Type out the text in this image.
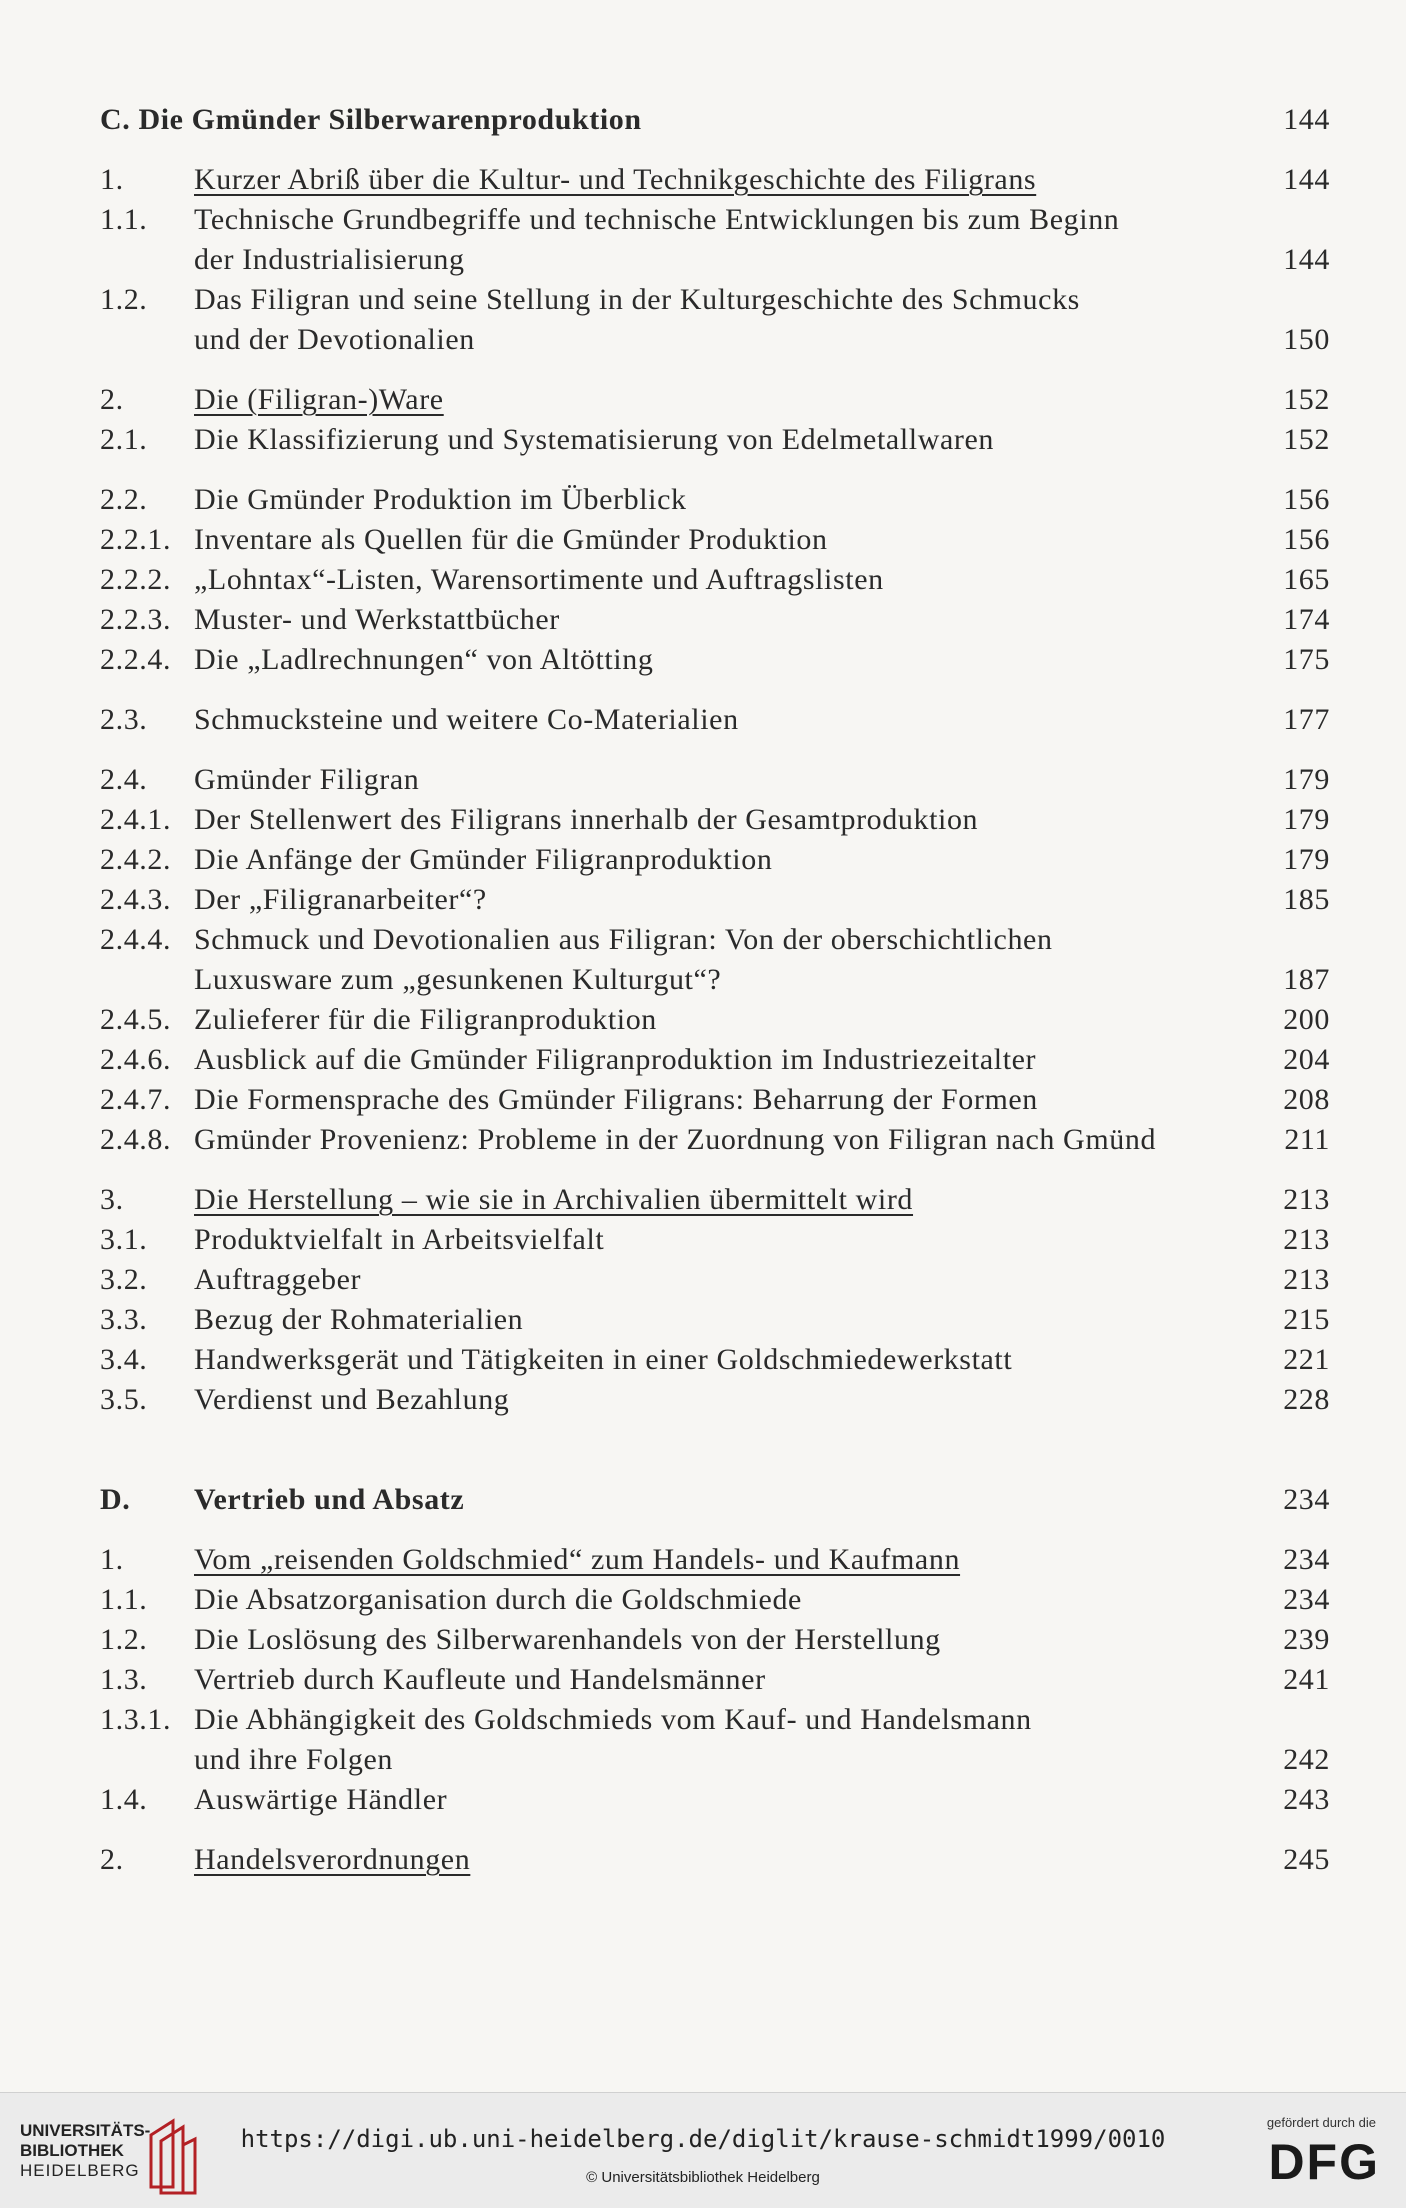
C. Die Gmünder Silberwarenproduktion	144
1. Kurzer Abriß über die Kultur- und Technikgeschichte des Filigrans	144
1.1. Technische Grundbegriffe und technische Entwicklungen bis zum Beginn
der Industrialisierung	144
1.2. Das Filigran und seine Stellung in der Kulturgeschichte des Schmucks
und der Devotionalien	150
2. Die (Filigran-)Ware	152
2.1. Die Klassifizierung und Systematisierung von Edelmetallwaren	152
2.2. Die Gmünder Produktion im Überblick	156
2.2.1. Inventare als Quellen für die Gmünder Produktion	156
2.2.2. „Lohntax“-Listen, Warensortimente und Auftragslisten	165
2.2.3. Muster- und Werkstattbücher	174
2.2.4. Die „Ladlrechnungen“ von Altötting	175
2.3. Schmucksteine und weitere Co-Materialien	177
2.4. Gmünder Filigran	179
2.4.1. Der Stellenwert des Filigrans innerhalb der Gesamtproduktion	179
2.4.2. Die Anfänge der Gmünder Filigranproduktion	179
2.4.3. Der „Filigranarbeiter“?	185
2.4.4. Schmuck und Devotionalien aus Filigran: Von der oberschichtlichen
Luxusware zum „gesunkenen Kulturgut“?	187
2.4.5. Zulieferer für die Filigranproduktion	200
2.4.6. Ausblick auf die Gmünder Filigranproduktion im Industriezeitalter	204
2.4.7. Die Formensprache des Gmünder Filigrans: Beharrung der Formen	208
2.4.8. Gmünder Provenienz: Probleme in der Zuordnung von Filigran nach Gmünd	211
3. Die Herstellung – wie sie in Archivalien übermittelt wird	213
3.1. Produktvielfalt in Arbeitsvielfalt	213
3.2. Auftraggeber	213
3.3. Bezug der Rohmaterialien	215
3.4. Handwerksgerät und Tätigkeiten in einer Goldschmiedewerkstatt	221
3.5. Verdienst und Bezahlung	228
D. Vertrieb und Absatz	234
1. Vom „reisenden Goldschmied“ zum Handels- und Kaufmann	234
1.1. Die Absatzorganisation durch die Goldschmiede	234
1.2. Die Loslösung des Silberwarenhandels von der Herstellung	239
1.3. Vertrieb durch Kaufleute und Handelsmänner	241
1.3.1. Die Abhängigkeit des Goldschmieds vom Kauf- und Handelsmann
und ihre Folgen	242
1.4. Auswärtige Händler	243
2. Handelsverordnungen	245
UNIVERSITÄTS-
BIBLIOTHEK
HEIDELBERG
https://digi.ub.uni-heidelberg.de/diglit/krause-schmidt1999/0010
© Universitätsbibliothek Heidelberg
gefördert durch die
DFG
